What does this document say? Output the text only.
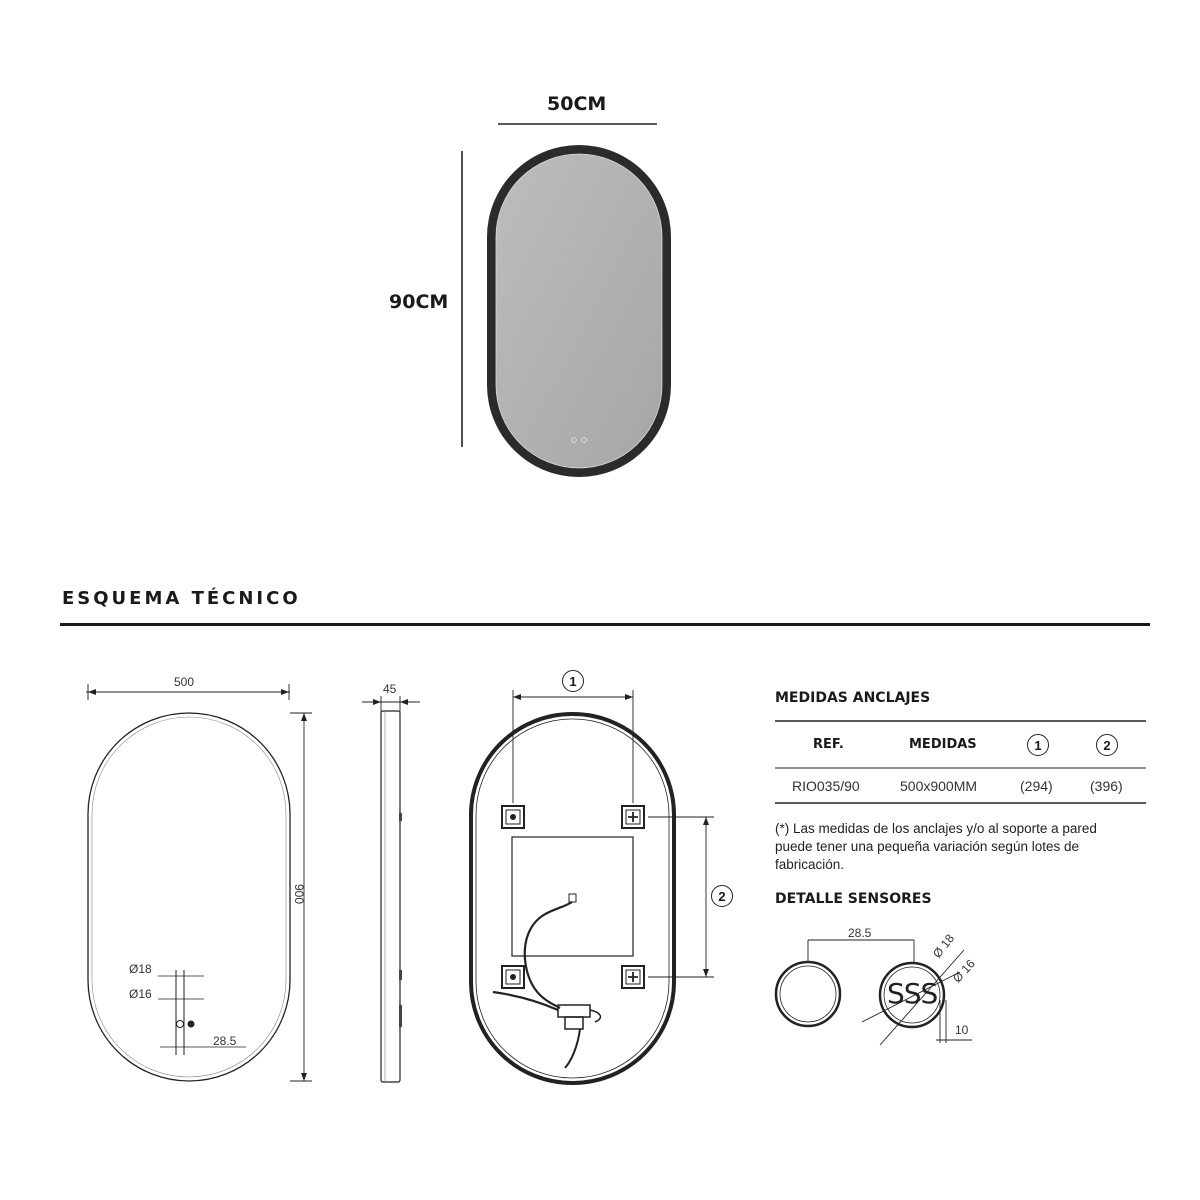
50CM
90CM
ESQUEMA TÉCNICO
500
900
Ø18
Ø16
28.5
45	1
2
MEDIDAS ANCLAJES
REF.	MEDIDAS	1	2
RIO035/90	500x900MM	(294)	(396)
(*) Las medidas de los anclajes y/o al soporte a pared puede tener una pequeña variación según lotes de fabricación.
DETALLE SENSORES
28.5	Ø 18
Ø 16
10
SSS
